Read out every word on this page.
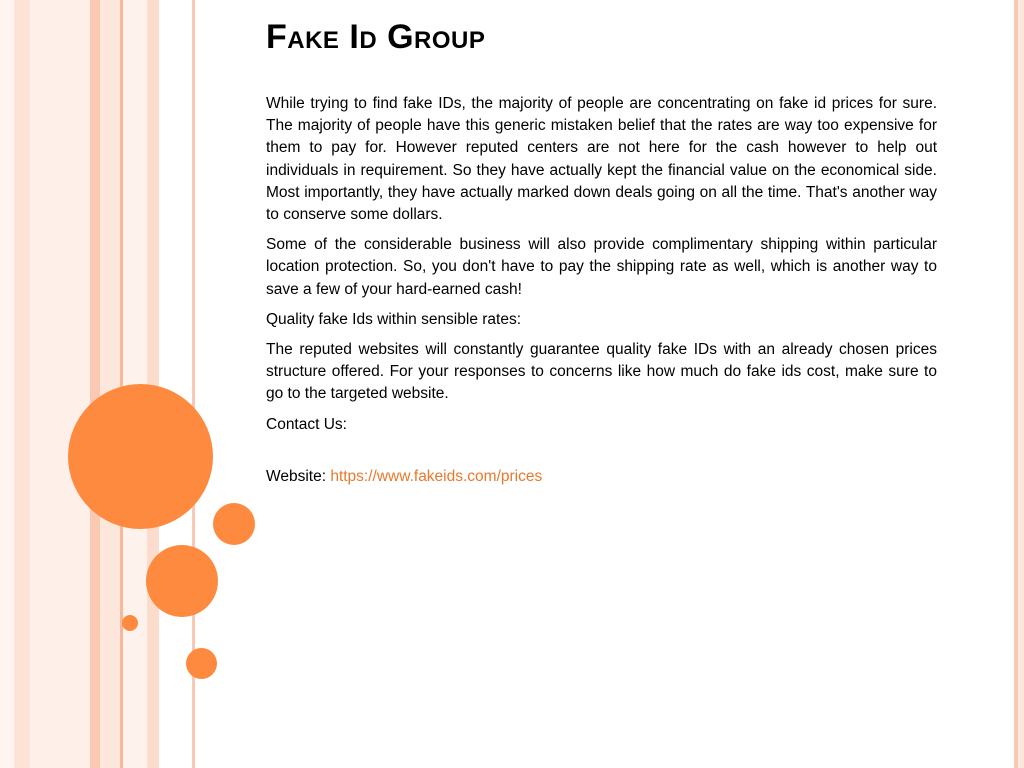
Fake Id Group

While trying to find fake IDs, the majority of people are concentrating on fake id prices for sure. The majority of people have this generic mistaken belief that the rates are way too expensive for them to pay for. However reputed centers are not here for the cash however to help out individuals in requirement. So they have actually kept the financial value on the economical side. Most importantly, they have actually marked down deals going on all the time. That's another way to conserve some dollars.

Some of the considerable business will also provide complimentary shipping within particular location protection. So, you don't have to pay the shipping rate as well, which is another way to save a few of your hard-earned cash!

Quality fake Ids within sensible rates:

The reputed websites will constantly guarantee quality fake IDs with an already chosen prices structure offered. For your responses to concerns like how much do fake ids cost, make sure to go to the targeted website.

Contact Us:

Website: https://www.fakeids.com/prices
